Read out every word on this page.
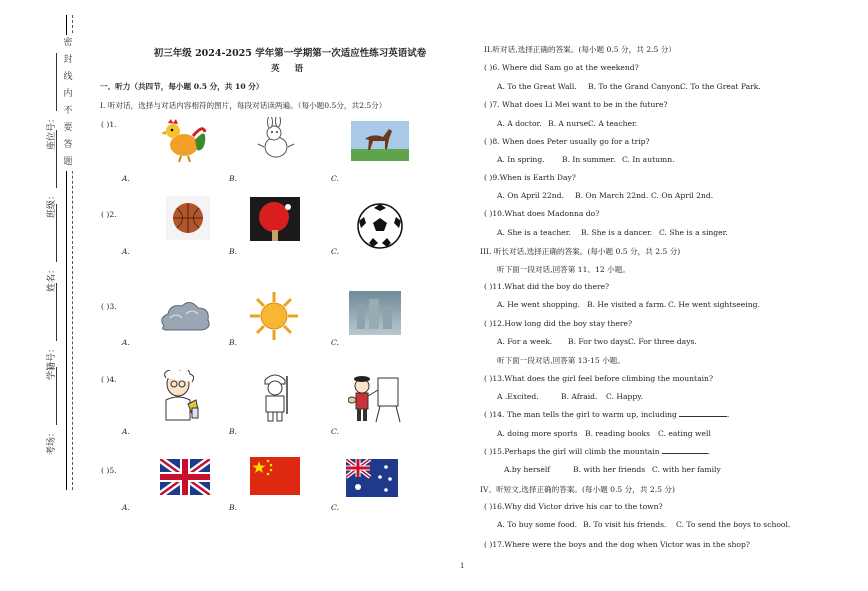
密
封
线
内
不
要
答
题
座位号：
班级：
姓名：
学籍号：
考场：
初三年级 2024-2025 学年第一学期第一次适应性练习英语试卷
英 语
一、听力（共四节，每小题 0.5 分，共 10 分）
I. 听对话，选择与对话内容相符的图片，每段对话读两遍。（每小题0.5分，共2.5分）
( )1.
A.	B.	C.
( )2.
A.	B.	C.
( )3.
A.	B.	C.
( )4.
A.	B.	C.
( )5.
A.	B.	C.
II.听对话,选择正确的答案。(每小题 0.5 分，共 2.5 分）
( )6. Where did Sam go at the weekend?
A. To the Great Wall. B. To the Grand Canyon.
C. To the Great Park.
( )7. What does Li Mei want to be in the future?
A. A doctor. B. A nurse.
C. A teacher.
( )8. When does Peter usually go for a trip?
A. In spring. B. In summer. C. In autumn.
( )9.When is Earth Day?
A. On April 22nd. B. On March 22nd. C. On April 2nd.
( )10.What does Madonna do?
A. She is a teacher. B. She is a dancer. C. She is a singer.
III. 听长对话,选择正确的答案。(每小题 0.5 分，共 2.5 分)
听下面一段对话,回答第 11、12 小题。
( )11.What did the boy do there?
A. He went shopping. B. He visited a farm. C. He went sightseeing.
( )12.How long did the boy stay there?
A. For a week. B. For two days.
C. For three days.
听下面一段对话,回答第 13-15 小题。
( )13.What does the girl feel before climbing the mountain?
A .Excited.	B. Afraid. C. Happy.
( )14. The man tells the girl to warm up, including	.
A. doing more sports B. reading books C. eating well
( )15.Perhaps the girl will climb the mountain	.
A.by herself	B. with her friends C. with her family
IV、听短文,选择正确的答案。(每小题 0.5 分，共 2.5 分)
( )16.Why did Victor drive his car to the town?
A. To buy some food. B. To visit his friends. C. To send the boys to school.
( )17.Where were the boys and the dog when Victor was in the shop?
1
